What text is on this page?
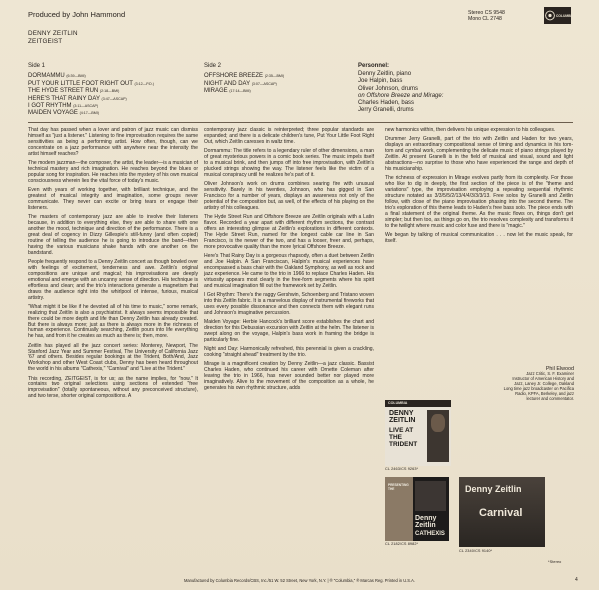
Produced by John Hammond	Stereo CS 9548
Mono CL 2748
COLUMBIA
DENNY ZEITLIN
ZEITGEIST
Side 1
DORMAMMU (6:39—BMI)
PUT YOUR LITTLE FOOT RIGHT OUT (3:12—P.D.)
THE HYDE STREET RUN (2:18—BMI)
HERE'S THAT RAINY DAY (3:47—ASCAP)
I GOT RHYTHM (3:11—ASCAP)
MAIDEN VOYAGE (4:17—BMI)
Side 2
OFFSHORE BREEZE (2:35—BMI)
NIGHT AND DAY (3:07—ASCAP)
MIRAGE (17:14—BMI)
Personnel:
Denny Zeitlin, piano
Joe Halpin, bass
Oliver Johnson, drums
on Offshore Breeze and Mirage:
Charles Haden, bass
Jerry Granelli, drums

That day has passed when a lover and patron of jazz music can dismiss himself as "just a listener." Listening to fine improvisation requires the same sensitivities as being a performing artist. How often, though, can we concentrate on a jazz performance with anywhere near the intensity the artist himself reaches?

The modern jazzman—the composer, the artist, the leader—is a musician of technical mastery and rich imagination. He reaches beyond the blues or popular song for inspiration. He reaches into the mystery of his own musical consciousness wherein lies the vital force of today's music.

Even with years of working together, with brilliant technique, and the greatest of musical integrity and imagination, some groups never communicate. They never can excite or bring tears or engage their listeners.

The masters of contemporary jazz are able to involve their listeners because, in addition to everything else, they are able to share with one another the mood, technique and direction of the performance. There is a great deal of cogency in Dizzy Gillespie's still-funny (and often copied) routine of telling the audience he is going to introduce the band—then having the various musicians shake hands with one another on the bandstand.

People frequently respond to a Denny Zeitlin concert as though bowled over with feelings of excitement, tenderness and awe. Zeitlin's original compositions are unique and magical; his improvisations are deeply emotional and emerge with an uncanny sense of direction. His technique is effortless and clean; and the trio's interactions generate a magnetism that draws the audience right into the whirlpool of intense, furious, musical artistry.

"What might it be like if he devoted all of his time to music," some remark, realizing that Zeitlin is also a psychiatrist. It always seems impossible that there could be more depth and life than Denny Zeitlin has already created. But there is always more; just as there is always more in the richness of human experience. Continually searching, Zeitlin pours into life everything he has, and from it he creates as much as there is; then, more.

Zeitlin has played all the jazz concert series: Monterey, Newport, The Stanford Jazz Year and Summer Festival, The University of California Jazz '67 and others. Besides regular bookings at the Trident, Both/And, Jazz Workshop and other West Coast clubs, Denny has been heard throughout the world in his albums "Cathexis," "Carnival" and "Live at the Trident."

This recording, ZEITGEIST, is for us; as the name implies, for "now." It contains two original selections using sections of extended "free improvisation" (totally spontaneous, without any preconceived structure), and two terse, shorter original compositions. A

contemporary jazz classic is reinterpreted; three popular standards are expanded; and there is a delicate children's tune, Put Your Little Foot Right Out, which Zeitlin caresses in waltz time.

Dormammu: The title refers to a legendary ruler of other dimensions, a man of great mysterious powers in a comic book series. The music impels itself to a musical brink, and then jumps off into free improvisation, with Zeitlin's plucked strings showing the way. The listener feels like the victim of a musical conspiracy until he realizes he's part of it.

Oliver Johnson's work on drums combines searing fire with unusual sensitivity. Barely in his twenties, Johnson, who has gigged in San Francisco for a number of years, displays an awareness not only of the potential of the composition but, as well, of the effects of his playing on the artistry of his colleagues.

The Hyde Street Run and Offshore Breeze are Zeitlin originals with a Latin flavor. Recorded a year apart with different rhythm sections, the contrast offers an interesting glimpse at Zeitlin's explorations in different contexts. The Hyde Street Run, named for the longest cable car line in San Francisco, is the newer of the two, and has a looser, freer and, perhaps, more provocative quality than the more lyrical Offshore Breeze.

Here's That Rainy Day is a gorgeous rhapsody, often a duet between Zeitlin and Joe Halpin. A San Franciscan, Halpin's musical experiences have encompassed a bass chair with the Oakland Symphony, as well as rock and jazz experience. He came to the trio in 1966 to replace Charles Haden. His virtuosity appears most clearly in the free-form segments where his spirit and musical imagination fill out the framework set by Zeitlin.

I Got Rhythm: There's the raggy Gershwin, Schoenberg and Tristano woven into this Zeitlin fabric. It is a marvelous display of instrumental fireworks that uses every possible dissonance and then connects them with elegant runs and Johnson's imaginative percussion.

Maiden Voyage: Herbie Hancock's brilliant score establishes the chart and direction for this Debussian excursion with Zeitlin at the helm. The listener is swept along on the voyage, Halpin's bass work in framing the bridge is particularly fine.

Night and Day: Harmonically refreshed, this perennial is given a crackling, cooking "straight ahead" treatment by the trio.

Mirage is a magnificent creation by Denny Zeitlin—a jazz classic. Bassist Charles Haden, who continued his career with Ornette Coleman after leaving the trio in 1966, has never sounded better nor played more imaginatively. Alive to the movement of the composition as a whole, he generates his own rhythmic structure, adds

new harmonics within, then delivers his unique expression to his colleagues.

Drummer Jerry Granelli, part of the trio with Zeitlin and Haden for two years, displays an extraordinary compositional sense of timing and dynamics in his tom-tom and cymbal work, complementing the delicate music of piano strings played by Zeitlin. At present Granelli is in the field of musical and visual, sound and light abstractions—no surprise to those who have experienced the range and depth of his musicianship.

The richness of expression in Mirage evolves partly from its complexity. For those who like to dig in deeply, the first section of the piece is of the "theme and variations" type, the improvisation employing a repeating sequential rhythmic structure notated as 3/3/5/5/2/13/4/4/3/3/3/13. Free solos by Granelli and Zeitlin follow, with close of the piano improvisation phasing into the second theme. The trio's exploration of this theme leads to Haden's free bass solo. The piece ends with a final statement of the original theme. As the music flows on, things don't get simpler; but then too, as things go on, the trio resolves complexity and transforms it to the twilight where music and color fuse and there is "magic."

We began by talking of musical communication . . . now let the music speak, for itself.

Phil Elwood
Jazz Critic, S. F. Examiner
Instructor of American History and
Jazz, Laney Jr. College, Oakland
Long time jazz broadcaster on Pacifica
Radio, KPFA, Berkeley, and jazz
lecturer and commentator.
COLUMBIA
DENNY ZEITLIN
LIVE AT THE TRIDENT
CL 2463/CS 9263*
PRESENTING THE
Denny Zeitlin
CATHEXIS
CL 2182/CS 8982*
Denny Zeitlin
Carnival
CL 2340/CS 9140*
*Stereo
Manufactured by Columbia Records/CBS, Inc./51 W. 52 Street, New York, N.Y. | ® "Columbia," ® Marcas Reg. Printed in U.S.A.	4
